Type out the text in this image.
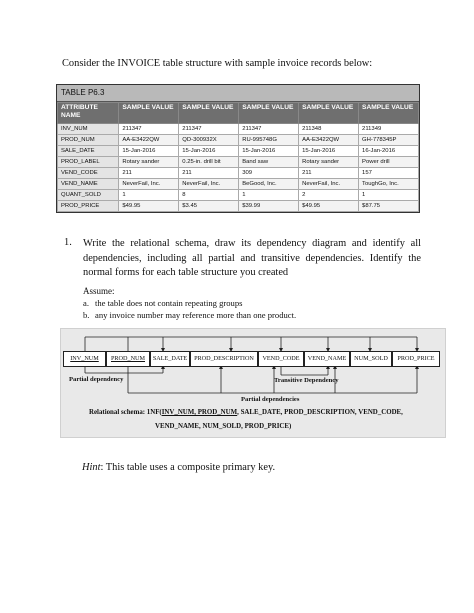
Consider the INVOICE table structure with sample invoice records below:
TABLE P6.3
ATTRIBUTE NAME	SAMPLE VALUE	SAMPLE VALUE	SAMPLE VALUE	SAMPLE VALUE	SAMPLE VALUE
INV_NUM	211347	211347	211347	211348	211349
PROD_NUM	AA-E3422QW	QD-300932X	RU-995748G	AA-E3422QW	GH-778345P
SALE_DATE	15-Jan-2016	15-Jan-2016	15-Jan-2016	15-Jan-2016	16-Jan-2016
PROD_LABEL	Rotary sander	0.25-in. drill bit	Band saw	Rotary sander	Power drill
VEND_CODE	211	211	309	211	157
VEND_NAME	NeverFail, Inc.	NeverFail, Inc.	BeGood, Inc.	NeverFail, Inc.	ToughGo, Inc.
QUANT_SOLD	1	8	1	2	1
PROD_PRICE	$49.95	$3.45	$39.99	$49.95	$87.75
1. Write the relational schema, draw its dependency diagram and identify all dependencies, including all partial and transitive dependencies. Identify the normal forms for each table structure you created
Assume:
a. the table does not contain repeating groups
b. any invoice number may reference more than one product.
INV_NUM	PROD_NUM	SALE_DATE	PROD_DESCRIPTION	VEND_CODE	VEND_NAME	NUM_SOLD	PROD_PRICE
Partial dependency	Transitive Dependency
Partial dependencies
Relational schema: 1NF(INV_NUM, PROD_NUM, SALE_DATE, PROD_DESCRIPTION, VEND_CODE,
VEND_NAME, NUM_SOLD, PROD_PRICE)
Hint: This table uses a composite primary key.
